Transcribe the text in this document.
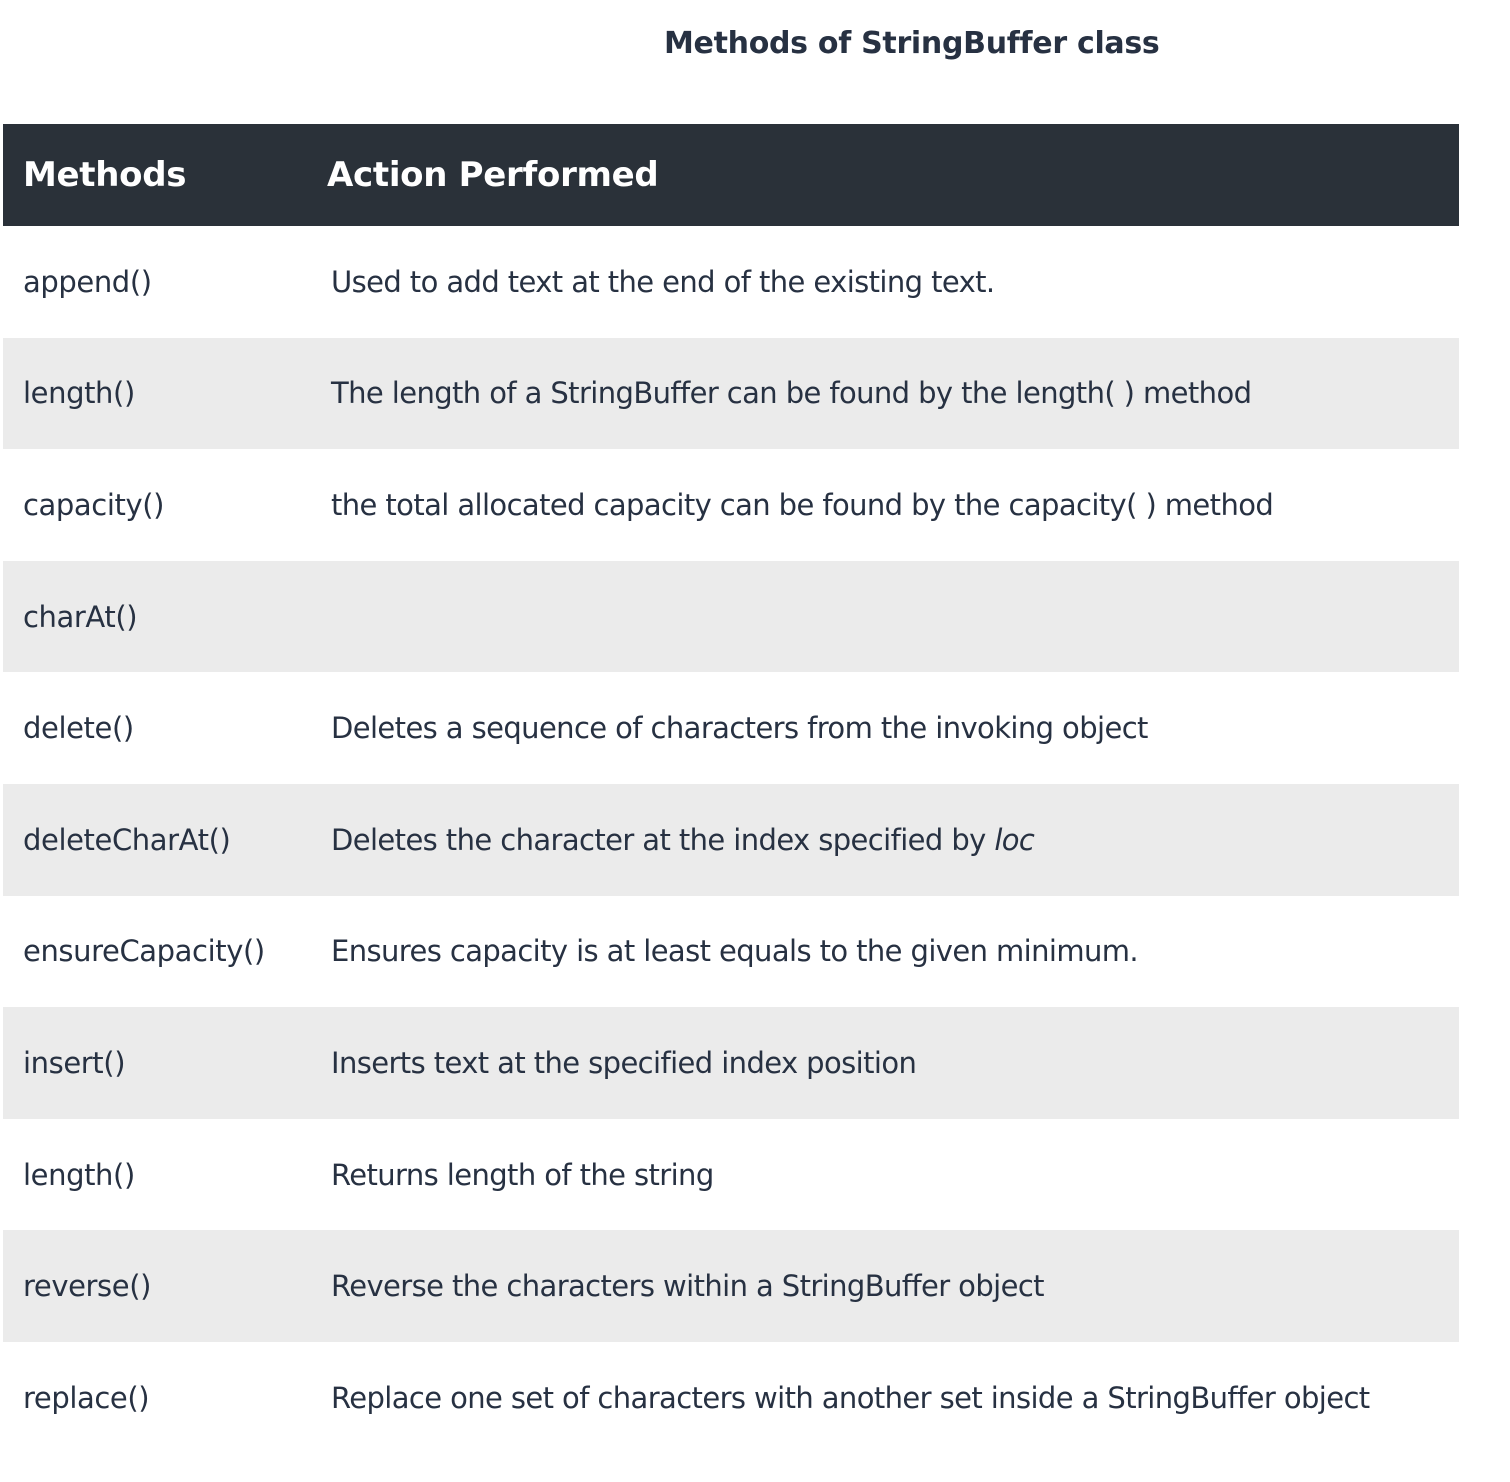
Methods of StringBuffer class
Methods	Action Performed
append()	Used to add text at the end of the existing text.
length()	The length of a StringBuffer can be found by the length( ) method
capacity()	the total allocated capacity can be found by the capacity( ) method
charAt()	
delete()	Deletes a sequence of characters from the invoking object
deleteCharAt()	Deletes the character at the index specified by loc
ensureCapacity()	Ensures capacity is at least equals to the given minimum.
insert()	Inserts text at the specified index position
length()	Returns length of the string
reverse()	Reverse the characters within a StringBuffer object
replace()	Replace one set of characters with another set inside a StringBuffer object
